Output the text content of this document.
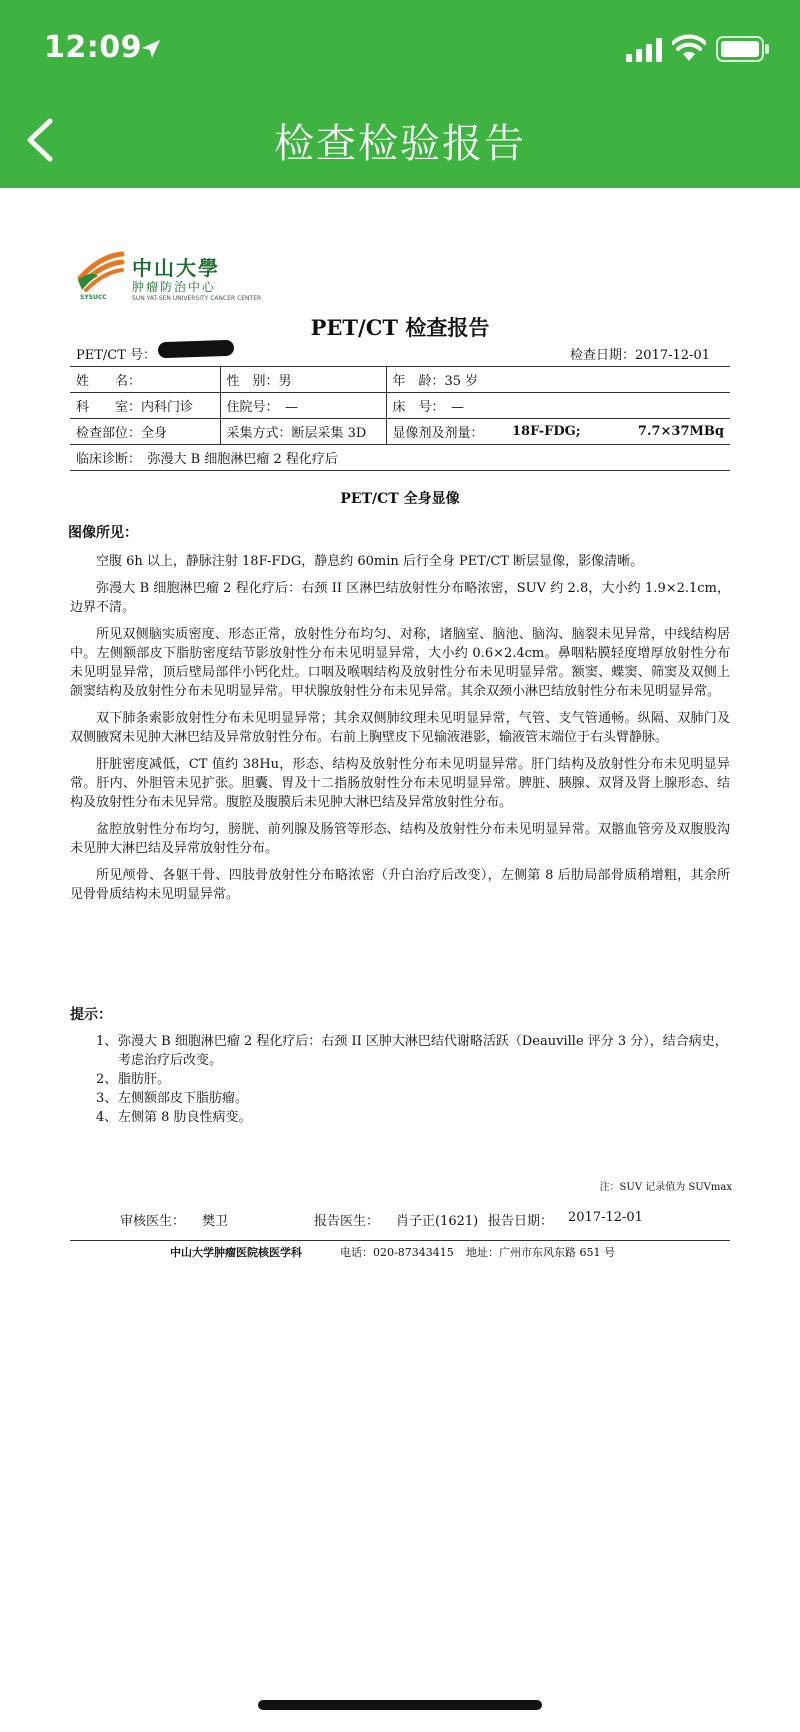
12:09
检查检验报告
中山大學
肿瘤防治中心
SUN YAT-SEN UNIVERSITY CANCER CENTER
SYSUCC
PET/CT 检查报告
PET/CT 号：	检查日期：2017-12-01
姓　　名：	性　别：男	年　龄：35 岁		
科　　室：内科门诊	住院号：　—	床　号：　—		
检查部位：全身	采集方式：断层采集 3D	显像剂及剂量：	18F-FDG;	7.7×37MBq
临床诊断：　弥漫大 B 细胞淋巴瘤 2 程化疗后				
PET/CT 全身显像
图像所见：

空腹 6h 以上，静脉注射 18F-FDG，静息约 60min 后行全身 PET/CT 断层显像，影像清晰。

弥漫大 B 细胞淋巴瘤 2 程化疗后：右颈 II 区淋巴结放射性分布略浓密，SUV 约 2.8，大小约 1.9×2.1cm，边界不清。

所见双侧脑实质密度、形态正常，放射性分布均匀、对称，诸脑室、脑池、脑沟、脑裂未见异常，中线结构居中。左侧额部皮下脂肪密度结节影放射性分布未见明显异常，大小约 0.6×2.4cm。鼻咽粘膜轻度增厚放射性分布未见明显异常，顶后壁局部伴小钙化灶。口咽及喉咽结构及放射性分布未见明显异常。额窦、蝶窦、筛窦及双侧上颌窦结构及放射性分布未见明显异常。甲状腺放射性分布未见异常。其余双颈小淋巴结放射性分布未见明显异常。

双下肺条索影放射性分布未见明显异常；其余双侧肺纹理未见明显异常，气管、支气管通畅。纵隔、双肺门及双侧腋窝未见肿大淋巴结及异常放射性分布。右前上胸壁皮下见输液港影，输液管末端位于右头臂静脉。

肝脏密度减低，CT 值约 38Hu，形态、结构及放射性分布未见明显异常。肝门结构及放射性分布未见明显异常。肝内、外胆管未见扩张。胆囊、胃及十二指肠放射性分布未见明显异常。脾脏、胰腺、双肾及肾上腺形态、结构及放射性分布未见异常。腹腔及腹膜后未见肿大淋巴结及异常放射性分布。

盆腔放射性分布均匀，膀胱、前列腺及肠管等形态、结构及放射性分布未见明显异常。双髂血管旁及双腹股沟未见肿大淋巴结及异常放射性分布。

所见颅骨、各躯干骨、四肢骨放射性分布略浓密（升白治疗后改变），左侧第 8 后肋局部骨质稍增粗，其余所见骨骨质结构未见明显异常。

提示：
1、 弥漫大 B 细胞淋巴瘤 2 程化疗后：右颈 II 区肿大淋巴结代谢略活跃（Deauville 评分 3 分），结合病史，考虑治疗后改变。
2、 脂肪肝。
3、 左侧额部皮下脂肪瘤。
4、 左侧第 8 肋良性病变。
注：SUV 记录值为 SUVmax
审核医生： 樊卫	报告医生： 肖子正(1621) 报告日期： 2017-12-01
中山大学肿瘤医院核医学科	电话：020-87343415 地址：广州市东风东路 651 号
